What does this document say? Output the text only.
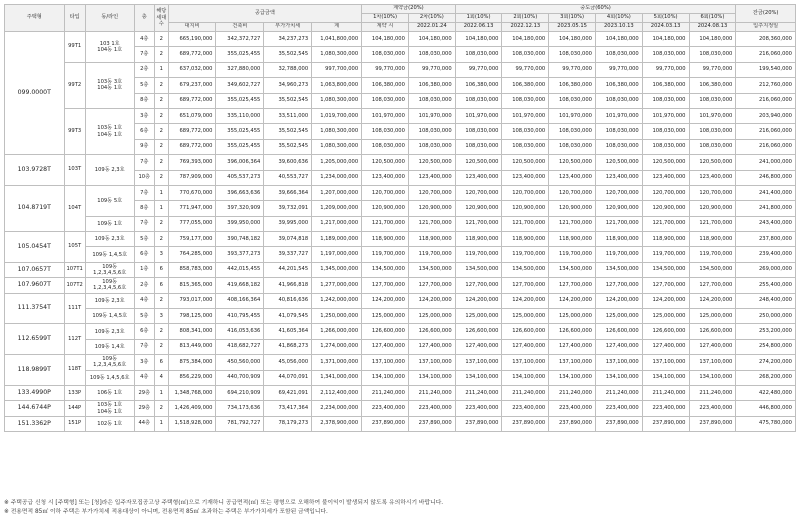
주택형	타입	동/라인	층	해당세대수	공급금액				계약금(20%)		중도금(60%)						잔금(20%)
									1차(10%)	2차(10%)	1회(10%)	2회(10%)	3회(10%)	4회(10%)	5회(10%)	6회(10%)	
					대지비	건축비	부가가치세	계	계약 시	2022.01.24	2022.06.13	2022.12.13	2023.05.15	2023.10.13	2024.03.13	2024.08.13	입주지정일
099.0000T	99T1	103 1호
104동 1호	4층	2	665,190,000	342,372,727	34,237,273	1,041,800,000	104,180,000	104,180,000	104,180,000	104,180,000	104,180,000	104,180,000	104,180,000	104,180,000	208,360,000
			7층	2	689,772,000	355,025,455	35,502,545	1,080,300,000	108,030,000	108,030,000	108,030,000	108,030,000	108,030,000	108,030,000	108,030,000	108,030,000	216,060,000
	99T2	103동 3호
104동 1호	2층	1	637,032,000	327,880,000	32,788,000	997,700,000	99,770,000	99,770,000	99,770,000	99,770,000	99,770,000	99,770,000	99,770,000	99,770,000	199,540,000
			5층	2	679,237,000	349,602,727	34,960,273	1,063,800,000	106,380,000	106,380,000	106,380,000	106,380,000	106,380,000	106,380,000	106,380,000	106,380,000	212,760,000
			8층	2	689,772,000	355,025,455	35,502,545	1,080,300,000	108,030,000	108,030,000	108,030,000	108,030,000	108,030,000	108,030,000	108,030,000	108,030,000	216,060,000
	99T3	103동 1호
104동 1호	3층	2	651,079,000	335,110,000	33,511,000	1,019,700,000	101,970,000	101,970,000	101,970,000	101,970,000	101,970,000	101,970,000	101,970,000	101,970,000	203,940,000
			6층	2	689,772,000	355,025,455	35,502,545	1,080,300,000	108,030,000	108,030,000	108,030,000	108,030,000	108,030,000	108,030,000	108,030,000	108,030,000	216,060,000
			9층	2	689,772,000	355,025,455	35,502,545	1,080,300,000	108,030,000	108,030,000	108,030,000	108,030,000	108,030,000	108,030,000	108,030,000	108,030,000	216,060,000
103.9728T	103T	109동 2,3호	7층	2	769,393,000	396,006,364	39,600,636	1,205,000,000	120,500,000	120,500,000	120,500,000	120,500,000	120,500,000	120,500,000	120,500,000	120,500,000	241,000,000
			10층	2	787,909,000	405,537,273	40,553,727	1,234,000,000	123,400,000	123,400,000	123,400,000	123,400,000	123,400,000	123,400,000	123,400,000	123,400,000	246,800,000
104.8719T	104T	109동 5호	7층	1	770,670,000	396,663,636	39,666,364	1,207,000,000	120,700,000	120,700,000	120,700,000	120,700,000	120,700,000	120,700,000	120,700,000	120,700,000	241,400,000
			8층	1	771,947,000	397,320,909	39,732,091	1,209,000,000	120,900,000	120,900,000	120,900,000	120,900,000	120,900,000	120,900,000	120,900,000	120,900,000	241,800,000
		109동 1호	7층	2	777,055,000	399,950,000	39,995,000	1,217,000,000	121,700,000	121,700,000	121,700,000	121,700,000	121,700,000	121,700,000	121,700,000	121,700,000	243,400,000
105.0454T	105T	109동 2,3호	5층	2	759,177,000	390,748,182	39,074,818	1,189,000,000	118,900,000	118,900,000	118,900,000	118,900,000	118,900,000	118,900,000	118,900,000	118,900,000	237,800,000
		109동 1,4,5호	6층	3	764,285,000	393,377,273	39,337,727	1,197,000,000	119,700,000	119,700,000	119,700,000	119,700,000	119,700,000	119,700,000	119,700,000	119,700,000	239,400,000
107.0657T	107T1	109동
1,2,3,4,5,6호	1층	6	858,783,000	442,015,455	44,201,545	1,345,000,000	134,500,000	134,500,000	134,500,000	134,500,000	134,500,000	134,500,000	134,500,000	134,500,000	269,000,000
107.9607T	107T2	109동
1,2,3,4,5,6호	2층	6	815,365,000	419,668,182	41,966,818	1,277,000,000	127,700,000	127,700,000	127,700,000	127,700,000	127,700,000	127,700,000	127,700,000	127,700,000	255,400,000
111.3754T	111T	109동 2,3호	4층	2	793,017,000	408,166,364	40,816,636	1,242,000,000	124,200,000	124,200,000	124,200,000	124,200,000	124,200,000	124,200,000	124,200,000	124,200,000	248,400,000
		109동 1,4,5호	5층	3	798,125,000	410,795,455	41,079,545	1,250,000,000	125,000,000	125,000,000	125,000,000	125,000,000	125,000,000	125,000,000	125,000,000	125,000,000	250,000,000
112.6599T	112T	109동 2,3호	6층	2	808,341,000	416,053,636	41,605,364	1,266,000,000	126,600,000	126,600,000	126,600,000	126,600,000	126,600,000	126,600,000	126,600,000	126,600,000	253,200,000
		109동 1,4호	7층	2	813,449,000	418,682,727	41,868,273	1,274,000,000	127,400,000	127,400,000	127,400,000	127,400,000	127,400,000	127,400,000	127,400,000	127,400,000	254,800,000
118.9899T	118T	109동
1,2,3,4,5,6호	3층	6	875,384,000	450,560,000	45,056,000	1,371,000,000	137,100,000	137,100,000	137,100,000	137,100,000	137,100,000	137,100,000	137,100,000	137,100,000	274,200,000
		109동 1,4,5,6호	4층	4	856,229,000	440,700,909	44,070,091	1,341,000,000	134,100,000	134,100,000	134,100,000	134,100,000	134,100,000	134,100,000	134,100,000	134,100,000	268,200,000
133.4990P	133P	106동 1호	29층	1	1,348,768,000	694,210,909	69,421,091	2,112,400,000	211,240,000	211,240,000	211,240,000	211,240,000	211,240,000	211,240,000	211,240,000	211,240,000	422,480,000
144.6744P	144P	103동 1호
104동 1호	29층	2	1,426,409,000	734,173,636	73,417,364	2,234,000,000	223,400,000	223,400,000	223,400,000	223,400,000	223,400,000	223,400,000	223,400,000	223,400,000	446,800,000
151.3362P	151P	102동 1호	44층	1	1,518,928,000	781,792,727	78,179,273	2,378,900,000	237,890,000	237,890,000	237,890,000	237,890,000	237,890,000	237,890,000	237,890,000	237,890,000	475,780,000
※ 주택공급 신청 시 [주택형] 또는 [청]라은 입주자모집공고상 주택형(㎡)으로 기재하니 공급면적(㎡) 또는 평형으로 오해하여 불이익이 발생되지 않도록 유의하시기 바랍니다.
※ 전용면적 85㎡ 이하 주택은 부가가치세 적용대상이 아니며, 전용면적 85㎡ 초과하는 주택은 부가가치세가 포함된 금액입니다.
